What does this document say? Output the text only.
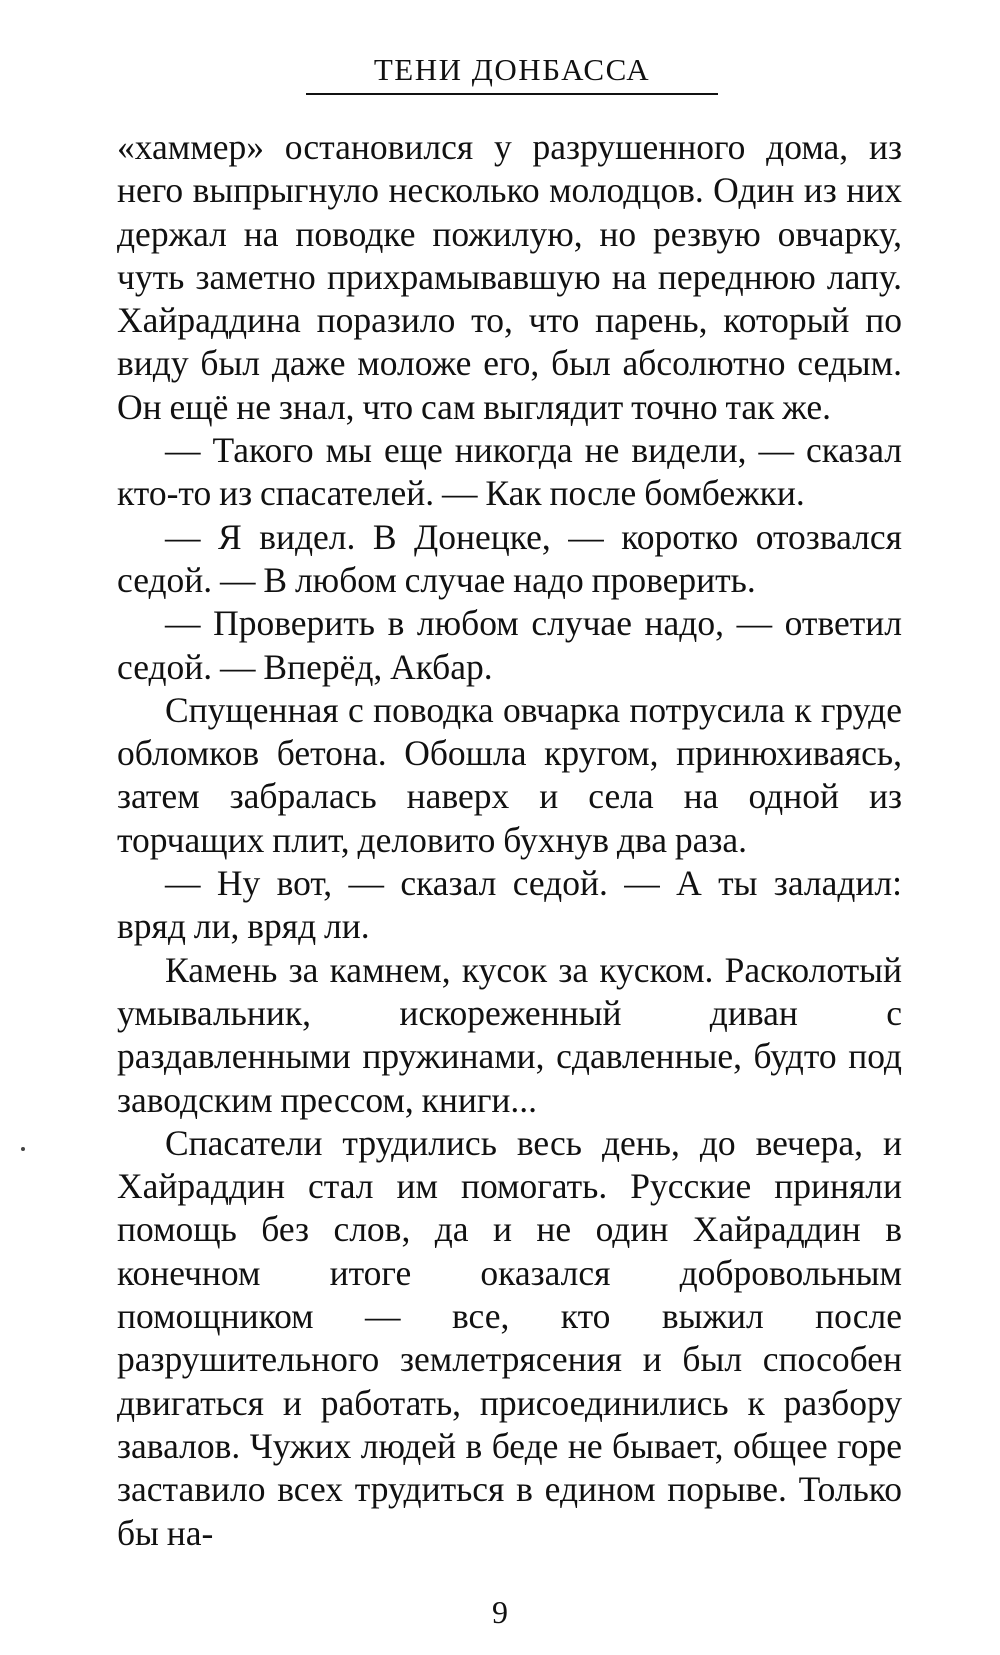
ТЕНИ ДОНБАССА

«хаммер» остановился у разрушенного дома, из него выпрыгнуло несколько молодцов. Один из них держал на поводке пожилую, но резвую овчарку, чуть заметно прихрамывавшую на переднюю лапу. Хайраддина поразило то, что парень, который по виду был даже моложе его, был абсолютно седым. Он ещё не знал, что сам выглядит точно так же.

— Такого мы еще никогда не видели, — сказал кто-то из спасателей. — Как после бомбежки.

— Я видел. В Донецке, — коротко отозвался седой. — В любом случае надо проверить.

— Проверить в любом случае надо, — ответил седой. — Вперёд, Акбар.

Спущенная с поводка овчарка потрусила к груде обломков бетона. Обошла кругом, принюхиваясь, затем забралась наверх и села на одной из торчащих плит, деловито бухнув два раза.

— Ну вот, — сказал седой. — А ты заладил: вряд ли, вряд ли.

Камень за камнем, кусок за куском. Расколотый умывальник, искореженный диван с раздавленными пружинами, сдавленные, будто под заводским прессом, книги...

Спасатели трудились весь день, до вечера, и Хайраддин стал им помогать. Русские приняли помощь без слов, да и не один Хайраддин в конечном итоге оказался добровольным помощником — все, кто выжил после разрушительного землетрясения и был способен двигаться и работать, присоединились к разбору завалов. Чужих людей в беде не бывает, общее горе заставило всех трудиться в едином порыве. Только бы на-

9
